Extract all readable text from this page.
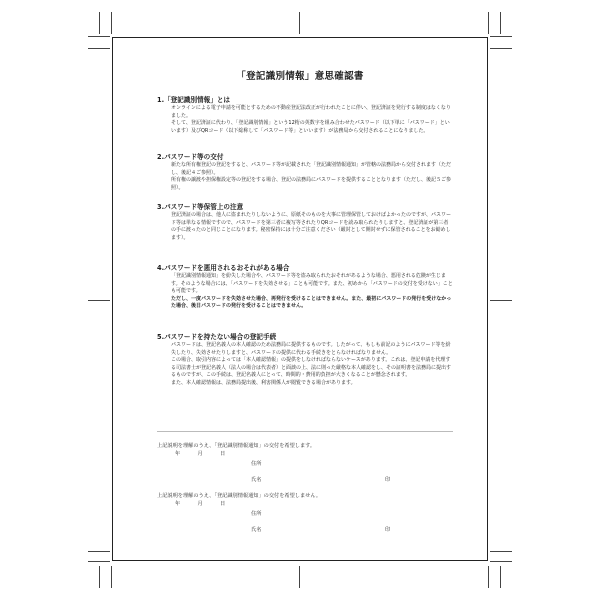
「登記識別情報」意思確認書
1.「登記識別情報」とは

オンラインによる電子申請を可能とするための不動産登記法改正が行われたことに伴い、登記済証を発行する制度はなくなりました。

そして、登記済証に代わり、「登記識別情報」という12桁の英数字を組み合わせたパスワード（以下単に「パスワード」といいます）及びQRコード（以下総称して「パスワード等」といいます）が法務局から交付されることになりました。

2.パスワード等の交付

新たな所有権登記の登記をすると、パスワード等が記載された「登記識別情報通知」が管轄の法務局から交付されます（ただし、後記４ご参照）。

所有権の譲渡や担保権設定等の登記をする場合、登記の法務局にパスワードを提供することとなります（ただし、後記５ご参照）。

3.パスワード等保管上の注意

登記済証の場合は、他人に盗まれたりしないように、原紙そのものを大事に管理保管しておけばよかったのですが、パスワード等は単なる情報ですので、パスワードを第三者に複写等されたりQRコードを読み取られたりしますと、登記済証が第三者の手に渡ったのと同じことになります。秘密保持には十分ご注意ください（厳封として開封せずに保管されることをお勧めします）。

4.パスワードを悪用されるおそれがある場合

「登記識別情報通知」を紛失した場合や、パスワード等を盗み取られたおそれがあるような場合、悪用される危険が生じます。そのような場合には、「パスワードを失効させる」ことも可能です。また、初めから「パスワードの交付を受けない」ことも可能です。

ただし、一度パスワードを失効させた場合、再発行を受けることはできません。また、最初にパスワードの発行を受けなかった場合、後日パスワードの発行を受けることはできません。

5.パスワードを持たない場合の登記手続

パスワードは、登記名義人の本人確認のため法務局に提供するものです。したがって、もしも前記のようにパスワード等を紛失したり、失効させたりしますと、パスワードの提供に代わる手続きをとらなければなりません。

この場合、取引内容によっては「本人確認情報」の提供をしなければならないケースがあります。これは、登記申請を代理する司法書士が登記名義人（法人の場合は代表者）と面談の上、法に則った厳格な本人確認をし、その証明書を法務局に提出するものですが、この手続は、登記名義人にとって、時間的・費用的負担が大きくなることが懸念されます。

また、本人確認情報は、法務局提出後、利害関係人が閲覧できる場合があります。

上記説明を理解のうえ、「登記識別情報通知」の交付を希望します。
年	月	日
住所
氏名	印
上記説明を理解のうえ、「登記識別情報通知」の交付を希望しません。
年	月	日
住所
氏名	印
